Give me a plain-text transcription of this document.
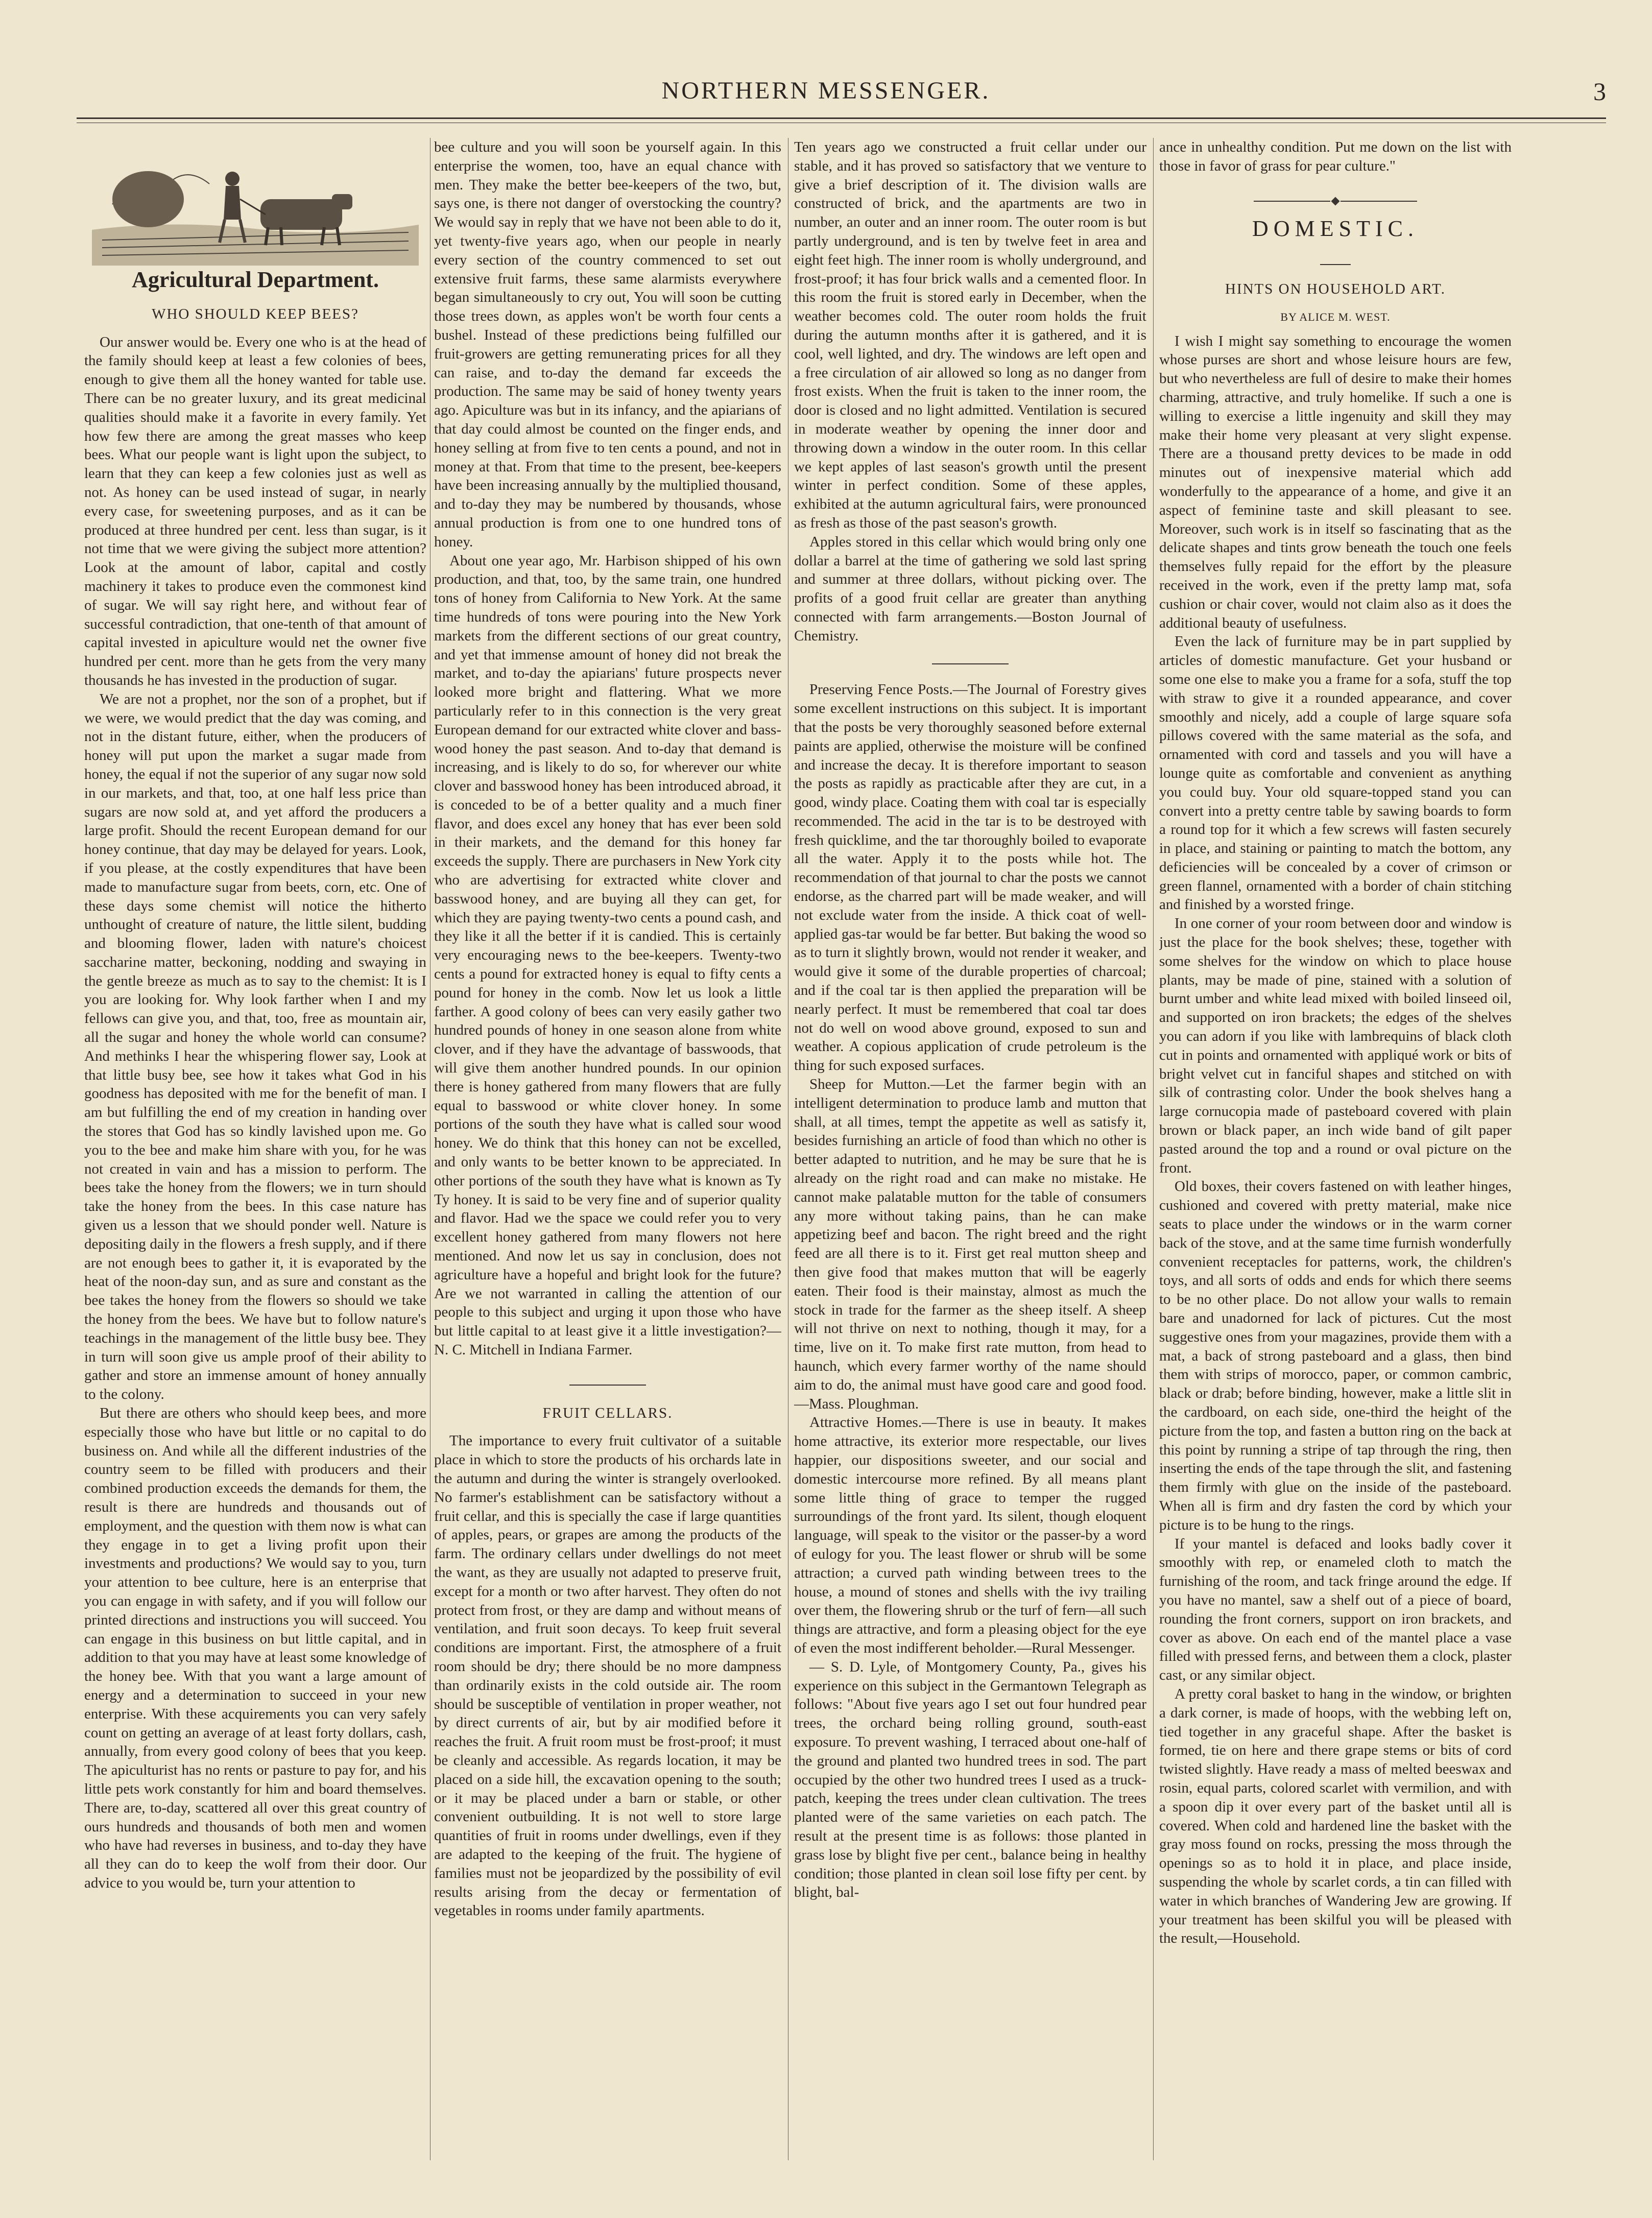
NORTHERN MESSENGER.	3
Agricultural Department.
WHO SHOULD KEEP BEES?

Our answer would be. Every one who is at the head of the family should keep at least a few colonies of bees, enough to give them all the honey wanted for table use. There can be no greater luxury, and its great medicinal qualities should make it a favorite in every family. Yet how few there are among the great masses who keep bees. What our people want is light upon the subject, to learn that they can keep a few colonies just as well as not. As honey can be used instead of sugar, in nearly every case, for sweetening purposes, and as it can be produced at three hundred per cent. less than sugar, is it not time that we were giving the subject more attention? Look at the amount of labor, capital and costly machinery it takes to produce even the commonest kind of sugar. We will say right here, and without fear of successful contradiction, that one-tenth of that amount of capital invested in apiculture would net the owner five hundred per cent. more than he gets from the very many thousands he has invested in the production of sugar.

We are not a prophet, nor the son of a prophet, but if we were, we would predict that the day was coming, and not in the distant future, either, when the producers of honey will put upon the market a sugar made from honey, the equal if not the superior of any sugar now sold in our markets, and that, too, at one half less price than sugars are now sold at, and yet afford the producers a large profit. Should the recent European demand for our honey continue, that day may be delayed for years. Look, if you please, at the costly expenditures that have been made to manufacture sugar from beets, corn, etc. One of these days some chemist will notice the hitherto unthought of creature of nature, the little silent, budding and blooming flower, laden with nature's choicest saccharine matter, beckoning, nodding and swaying in the gentle breeze as much as to say to the chemist: It is I you are looking for. Why look farther when I and my fellows can give you, and that, too, free as mountain air, all the sugar and honey the whole world can consume? And methinks I hear the whispering flower say, Look at that little busy bee, see how it takes what God in his goodness has deposited with me for the benefit of man. I am but fulfilling the end of my creation in handing over the stores that God has so kindly lavished upon me. Go you to the bee and make him share with you, for he was not created in vain and has a mission to perform. The bees take the honey from the flowers; we in turn should take the honey from the bees. In this case nature has given us a lesson that we should ponder well. Nature is depositing daily in the flowers a fresh supply, and if there are not enough bees to gather it, it is evaporated by the heat of the noon-day sun, and as sure and constant as the bee takes the honey from the flowers so should we take the honey from the bees. We have but to follow nature's teachings in the management of the little busy bee. They in turn will soon give us ample proof of their ability to gather and store an immense amount of honey annually to the colony.

But there are others who should keep bees, and more especially those who have but little or no capital to do business on. And while all the different industries of the country seem to be filled with producers and their combined production exceeds the demands for them, the result is there are hundreds and thousands out of employment, and the question with them now is what can they engage in to get a living profit upon their investments and productions? We would say to you, turn your attention to bee culture, here is an enterprise that you can engage in with safety, and if you will follow our printed directions and instructions you will succeed. You can engage in this business on but little capital, and in addition to that you may have at least some knowledge of the honey bee. With that you want a large amount of energy and a determination to succeed in your new enterprise. With these acquirements you can very safely count on getting an average of at least forty dollars, cash, annually, from every good colony of bees that you keep. The apiculturist has no rents or pasture to pay for, and his little pets work constantly for him and board themselves. There are, to-day, scattered all over this great country of ours hundreds and thousands of both men and women who have had reverses in business, and to-day they have all they can do to keep the wolf from their door. Our advice to you would be, turn your attention to

bee culture and you will soon be yourself again. In this enterprise the women, too, have an equal chance with men. They make the better bee-keepers of the two, but, says one, is there not danger of overstocking the country? We would say in reply that we have not been able to do it, yet twenty-five years ago, when our people in nearly every section of the country commenced to set out extensive fruit farms, these same alarmists everywhere began simultaneously to cry out, You will soon be cutting those trees down, as apples won't be worth four cents a bushel. Instead of these predictions being fulfilled our fruit-growers are getting remunerating prices for all they can raise, and to-day the demand far exceeds the production. The same may be said of honey twenty years ago. Apiculture was but in its infancy, and the apiarians of that day could almost be counted on the finger ends, and honey selling at from five to ten cents a pound, and not in money at that. From that time to the present, bee-keepers have been increasing annually by the multiplied thousand, and to-day they may be numbered by thousands, whose annual production is from one to one hundred tons of honey.

About one year ago, Mr. Harbison shipped of his own production, and that, too, by the same train, one hundred tons of honey from California to New York. At the same time hundreds of tons were pouring into the New York markets from the different sections of our great country, and yet that immense amount of honey did not break the market, and to-day the apiarians' future prospects never looked more bright and flattering. What we more particularly refer to in this connection is the very great European demand for our extracted white clover and bass-wood honey the past season. And to-day that demand is increasing, and is likely to do so, for wherever our white clover and basswood honey has been introduced abroad, it is conceded to be of a better quality and a much finer flavor, and does excel any honey that has ever been sold in their markets, and the demand for this honey far exceeds the supply. There are purchasers in New York city who are advertising for extracted white clover and basswood honey, and are buying all they can get, for which they are paying twenty-two cents a pound cash, and they like it all the better if it is candied. This is certainly very encouraging news to the bee-keepers. Twenty-two cents a pound for extracted honey is equal to fifty cents a pound for honey in the comb. Now let us look a little farther. A good colony of bees can very easily gather two hundred pounds of honey in one season alone from white clover, and if they have the advantage of basswoods, that will give them another hundred pounds. In our opinion there is honey gathered from many flowers that are fully equal to basswood or white clover honey. In some portions of the south they have what is called sour wood honey. We do think that this honey can not be excelled, and only wants to be better known to be appreciated. In other portions of the south they have what is known as Ty Ty honey. It is said to be very fine and of superior quality and flavor. Had we the space we could refer you to very excellent honey gathered from many flowers not here mentioned. And now let us say in conclusion, does not agriculture have a hopeful and bright look for the future? Are we not warranted in calling the attention of our people to this subject and urging it upon those who have but little capital to at least give it a little investigation?—N. C. Mitchell in Indiana Farmer.

FRUIT CELLARS.

The importance to every fruit cultivator of a suitable place in which to store the products of his orchards late in the autumn and during the winter is strangely overlooked. No farmer's establishment can be satisfactory without a fruit cellar, and this is specially the case if large quantities of apples, pears, or grapes are among the products of the farm. The ordinary cellars under dwellings do not meet the want, as they are usually not adapted to preserve fruit, except for a month or two after harvest. They often do not protect from frost, or they are damp and without means of ventilation, and fruit soon decays. To keep fruit several conditions are important. First, the atmosphere of a fruit room should be dry; there should be no more dampness than ordinarily exists in the cold outside air. The room should be susceptible of ventilation in proper weather, not by direct currents of air, but by air modified before it reaches the fruit. A fruit room must be frost-proof; it must be cleanly and accessible. As regards location, it may be placed on a side hill, the excavation opening to the south; or it may be placed under a barn or stable, or other convenient outbuilding. It is not well to store large quantities of fruit in rooms under dwellings, even if they are adapted to the keeping of the fruit. The hygiene of families must not be jeopardized by the possibility of evil results arising from the decay or fermentation of vegetables in rooms under family apartments.

Ten years ago we constructed a fruit cellar under our stable, and it has proved so satisfactory that we venture to give a brief description of it. The division walls are constructed of brick, and the apartments are two in number, an outer and an inner room. The outer room is but partly underground, and is ten by twelve feet in area and eight feet high. The inner room is wholly underground, and frost-proof; it has four brick walls and a cemented floor. In this room the fruit is stored early in December, when the weather becomes cold. The outer room holds the fruit during the autumn months after it is gathered, and it is cool, well lighted, and dry. The windows are left open and a free circulation of air allowed so long as no danger from frost exists. When the fruit is taken to the inner room, the door is closed and no light admitted. Ventilation is secured in moderate weather by opening the inner door and throwing down a window in the outer room. In this cellar we kept apples of last season's growth until the present winter in perfect condition. Some of these apples, exhibited at the autumn agricultural fairs, were pronounced as fresh as those of the past season's growth.

Apples stored in this cellar which would bring only one dollar a barrel at the time of gathering we sold last spring and summer at three dollars, without picking over. The profits of a good fruit cellar are greater than anything connected with farm arrangements.—Boston Journal of Chemistry.

Preserving Fence Posts.—The Journal of Forestry gives some excellent instructions on this subject. It is important that the posts be very thoroughly seasoned before external paints are applied, otherwise the moisture will be confined and increase the decay. It is therefore important to season the posts as rapidly as practicable after they are cut, in a good, windy place. Coating them with coal tar is especially recommended. The acid in the tar is to be destroyed with fresh quicklime, and the tar thoroughly boiled to evaporate all the water. Apply it to the posts while hot. The recommendation of that journal to char the posts we cannot endorse, as the charred part will be made weaker, and will not exclude water from the inside. A thick coat of well-applied gas-tar would be far better. But baking the wood so as to turn it slightly brown, would not render it weaker, and would give it some of the durable properties of charcoal; and if the coal tar is then applied the preparation will be nearly perfect. It must be remembered that coal tar does not do well on wood above ground, exposed to sun and weather. A copious application of crude petroleum is the thing for such exposed surfaces.

Sheep for Mutton.—Let the farmer begin with an intelligent determination to produce lamb and mutton that shall, at all times, tempt the appetite as well as satisfy it, besides furnishing an article of food than which no other is better adapted to nutrition, and he may be sure that he is already on the right road and can make no mistake. He cannot make palatable mutton for the table of consumers any more without taking pains, than he can make appetizing beef and bacon. The right breed and the right feed are all there is to it. First get real mutton sheep and then give food that makes mutton that will be eagerly eaten. Their food is their mainstay, almost as much the stock in trade for the farmer as the sheep itself. A sheep will not thrive on next to nothing, though it may, for a time, live on it. To make first rate mutton, from head to haunch, which every farmer worthy of the name should aim to do, the animal must have good care and good food.—Mass. Ploughman.

Attractive Homes.—There is use in beauty. It makes home attractive, its exterior more respectable, our lives happier, our dispositions sweeter, and our social and domestic intercourse more refined. By all means plant some little thing of grace to temper the rugged surroundings of the front yard. Its silent, though eloquent language, will speak to the visitor or the passer-by a word of eulogy for you. The least flower or shrub will be some attraction; a curved path winding between trees to the house, a mound of stones and shells with the ivy trailing over them, the flowering shrub or the turf of fern—all such things are attractive, and form a pleasing object for the eye of even the most indifferent beholder.—Rural Messenger.

— S. D. Lyle, of Montgomery County, Pa., gives his experience on this subject in the Germantown Telegraph as follows: "About five years ago I set out four hundred pear trees, the orchard being rolling ground, south-east exposure. To prevent washing, I terraced about one-half of the ground and planted two hundred trees in sod. The part occupied by the other two hundred trees I used as a truck-patch, keeping the trees under clean cultivation. The trees planted were of the same varieties on each patch. The result at the present time is as follows: those planted in grass lose by blight five per cent., balance being in healthy condition; those planted in clean soil lose fifty per cent. by blight, bal-

ance in unhealthy condition. Put me down on the list with those in favor of grass for pear culture."

DOMESTIC.
HINTS ON HOUSEHOLD ART.
BY ALICE M. WEST.

I wish I might say something to encourage the women whose purses are short and whose leisure hours are few, but who nevertheless are full of desire to make their homes charming, attractive, and truly homelike. If such a one is willing to exercise a little ingenuity and skill they may make their home very pleasant at very slight expense. There are a thousand pretty devices to be made in odd minutes out of inexpensive material which add wonderfully to the appearance of a home, and give it an aspect of feminine taste and skill pleasant to see. Moreover, such work is in itself so fascinating that as the delicate shapes and tints grow beneath the touch one feels themselves fully repaid for the effort by the pleasure received in the work, even if the pretty lamp mat, sofa cushion or chair cover, would not claim also as it does the additional beauty of usefulness.

Even the lack of furniture may be in part supplied by articles of domestic manufacture. Get your husband or some one else to make you a frame for a sofa, stuff the top with straw to give it a rounded appearance, and cover smoothly and nicely, add a couple of large square sofa pillows covered with the same material as the sofa, and ornamented with cord and tassels and you will have a lounge quite as comfortable and convenient as anything you could buy. Your old square-topped stand you can convert into a pretty centre table by sawing boards to form a round top for it which a few screws will fasten securely in place, and staining or painting to match the bottom, any deficiencies will be concealed by a cover of crimson or green flannel, ornamented with a border of chain stitching and finished by a worsted fringe.

In one corner of your room between door and window is just the place for the book shelves; these, together with some shelves for the window on which to place house plants, may be made of pine, stained with a solution of burnt umber and white lead mixed with boiled linseed oil, and supported on iron brackets; the edges of the shelves you can adorn if you like with lambrequins of black cloth cut in points and ornamented with appliqué work or bits of bright velvet cut in fanciful shapes and stitched on with silk of contrasting color. Under the book shelves hang a large cornucopia made of pasteboard covered with plain brown or black paper, an inch wide band of gilt paper pasted around the top and a round or oval picture on the front.

Old boxes, their covers fastened on with leather hinges, cushioned and covered with pretty material, make nice seats to place under the windows or in the warm corner back of the stove, and at the same time furnish wonderfully convenient receptacles for patterns, work, the children's toys, and all sorts of odds and ends for which there seems to be no other place. Do not allow your walls to remain bare and unadorned for lack of pictures. Cut the most suggestive ones from your magazines, provide them with a mat, a back of strong pasteboard and a glass, then bind them with strips of morocco, paper, or common cambric, black or drab; before binding, however, make a little slit in the cardboard, on each side, one-third the height of the picture from the top, and fasten a button ring on the back at this point by running a stripe of tap through the ring, then inserting the ends of the tape through the slit, and fastening them firmly with glue on the inside of the pasteboard. When all is firm and dry fasten the cord by which your picture is to be hung to the rings.

If your mantel is defaced and looks badly cover it smoothly with rep, or enameled cloth to match the furnishing of the room, and tack fringe around the edge. If you have no mantel, saw a shelf out of a piece of board, rounding the front corners, support on iron brackets, and cover as above. On each end of the mantel place a vase filled with pressed ferns, and between them a clock, plaster cast, or any similar object.

A pretty coral basket to hang in the window, or brighten a dark corner, is made of hoops, with the webbing left on, tied together in any graceful shape. After the basket is formed, tie on here and there grape stems or bits of cord twisted slightly. Have ready a mass of melted beeswax and rosin, equal parts, colored scarlet with vermilion, and with a spoon dip it over every part of the basket until all is covered. When cold and hardened line the basket with the gray moss found on rocks, pressing the moss through the openings so as to hold it in place, and place inside, suspending the whole by scarlet cords, a tin can filled with water in which branches of Wandering Jew are growing. If your treatment has been skilful you will be pleased with the result,—Household.
